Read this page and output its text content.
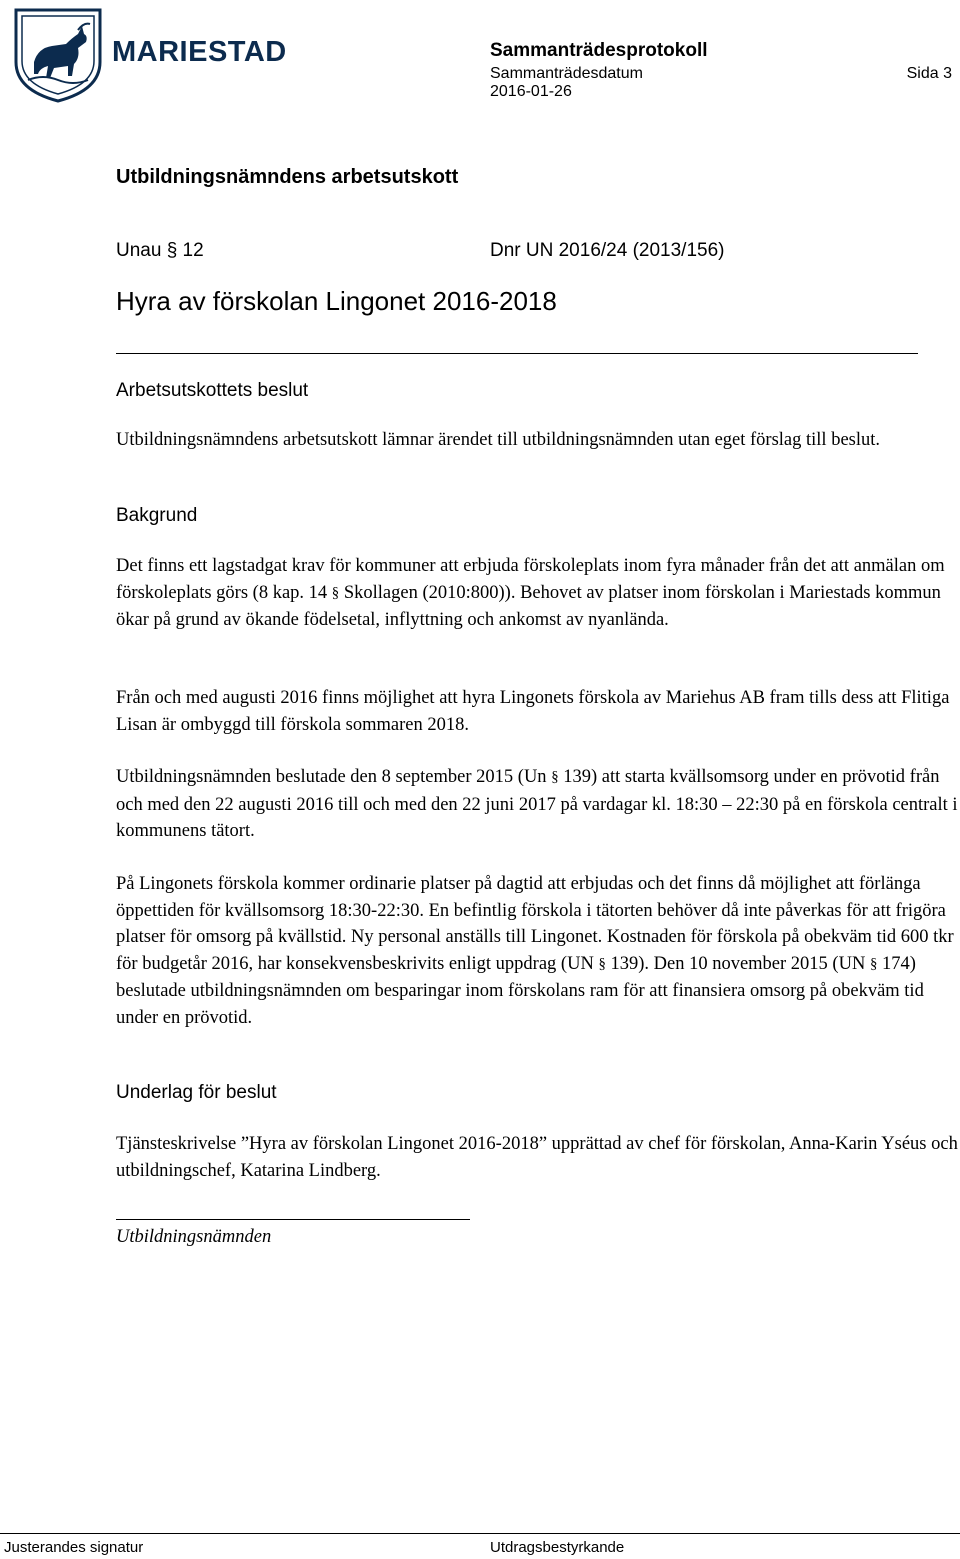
MARIESTAD	Sammanträdesprotokoll
Sammanträdesdatum	Sida 3
2016-01-26
Utbildningsnämndens arbetsutskott
Unau § 12	Dnr UN 2016/24 (2013/156)
Hyra av förskolan Lingonet 2016-2018
Arbetsutskottets beslut

Utbildningsnämndens arbetsutskott lämnar ärendet till utbildningsnämnden utan eget förslag till beslut.

Bakgrund

Det finns ett lagstadgat krav för kommuner att erbjuda förskoleplats inom fyra månader från det att anmälan om förskoleplats görs (8 kap. 14 § Skollagen (2010:800)). Behovet av platser inom förskolan i Mariestads kommun ökar på grund av ökande födelsetal, inflyttning och ankomst av nyanlända.

Från och med augusti 2016 finns möjlighet att hyra Lingonets förskola av Mariehus AB fram tills dess att Flitiga Lisan är ombyggd till förskola sommaren 2018.

Utbildningsnämnden beslutade den 8 september 2015 (Un § 139) att starta kvällsomsorg under en prövotid från och med den 22 augusti 2016 till och med den 22 juni 2017 på vardagar kl. 18:30 – 22:30 på en förskola centralt i kommunens tätort.

På Lingonets förskola kommer ordinarie platser på dagtid att erbjudas och det finns då möjlighet att förlänga öppettiden för kvällsomsorg 18:30-22:30. En befintlig förskola i tätorten behöver då inte påverkas för att frigöra platser för omsorg på kvällstid. Ny personal anställs till Lingonet. Kostnaden för förskola på obekväm tid 600 tkr för budgetår 2016, har konsekvensbeskrivits enligt uppdrag (UN § 139). Den 10 november 2015 (UN § 174) beslutade utbildningsnämnden om besparingar inom förskolans ram för att finansiera omsorg på obekväm tid under en prövotid.

Underlag för beslut

Tjänsteskrivelse ”Hyra av förskolan Lingonet 2016-2018” upprättad av chef för förskolan, Anna-Karin Yséus och utbildningschef, Katarina Lindberg.

Utbildningsnämnden
Justerandes signatur	Utdragsbestyrkande
